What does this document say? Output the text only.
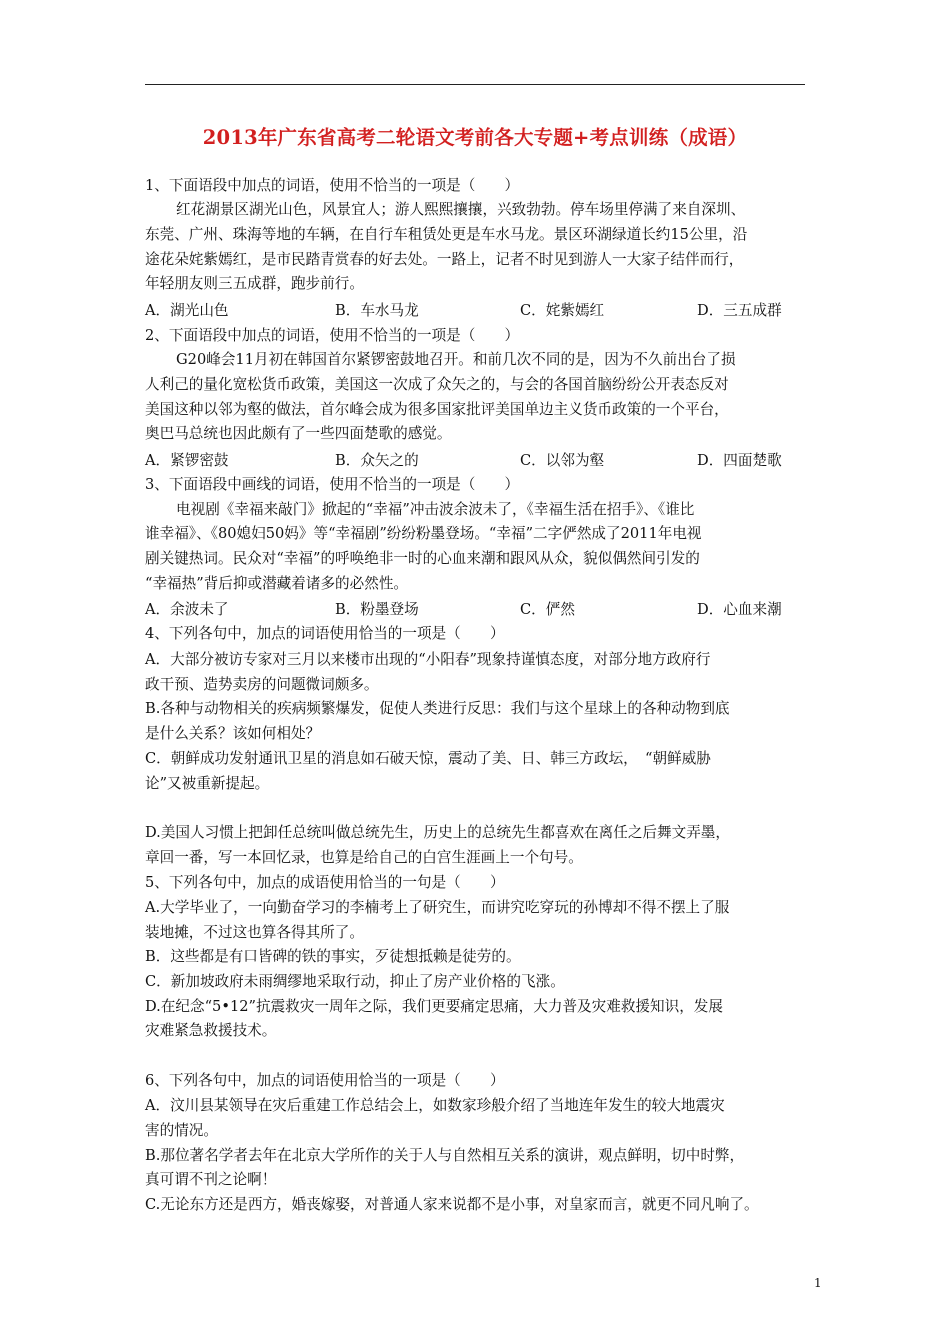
2013年广东省高考二轮语文考前各大专题+考点训练（成语）
1、下面语段中加点的词语，使用不恰当的一项是（　　）
红花湖景区湖光山色，风景宜人；游人熙熙攘攘，兴致勃勃。停车场里停满了来自深圳、
东莞、广州、珠海等地的车辆，在自行车租赁处更是车水马龙。景区环湖绿道长约15公里，沿
途花朵姹紫嫣红，是市民踏青赏春的好去处。一路上，记者不时见到游人一大家子结伴而行，
年轻朋友则三五成群，跑步前行。
A．湖光山色	B．车水马龙	C．姹紫嫣红	D．三五成群
2、下面语段中加点的词语，使用不恰当的一项是（　　）
G20峰会11月初在韩国首尔紧锣密鼓地召开。和前几次不同的是，因为不久前出台了损
人利己的量化宽松货币政策，美国这一次成了众矢之的，与会的各国首脑纷纷公开表态反对
美国这种以邻为壑的做法，首尔峰会成为很多国家批评美国单边主义货币政策的一个平台，
奥巴马总统也因此颇有了一些四面楚歌的感觉。
A．紧锣密鼓	B．众矢之的	C．以邻为壑	D．四面楚歌
3、下面语段中画线的词语，使用不恰当的一项是（　　）
电视剧《幸福来敲门》掀起的“幸福”冲击波余波未了，《幸福生活在招手》、《谁比
谁幸福》、《80媳妇50妈》等“幸福剧”纷纷粉墨登场。“幸福”二字俨然成了2011年电视
剧关键热词。民众对“幸福”的呼唤绝非一时的心血来潮和跟风从众，貌似偶然间引发的
“幸福热”背后抑或潜藏着诸多的必然性。
A．余波未了	B．粉墨登场	C．俨然	D．心血来潮
4、下列各句中，加点的词语使用恰当的一项是（　　）
A．大部分被访专家对三月以来楼市出现的“小阳春”现象持谨慎态度，对部分地方政府行
政干预、造势卖房的问题微词颇多。
B.各种与动物相关的疾病频繁爆发，促使人类进行反思：我们与这个星球上的各种动物到底
是什么关系？该如何相处？
C．朝鲜成功发射通讯卫星的消息如石破天惊，震动了美、日、韩三方政坛，　“朝鲜威胁
论”又被重新提起。
D.美国人习惯上把卸任总统叫做总统先生，历史上的总统先生都喜欢在离任之后舞文弄墨，
章回一番，写一本回忆录，也算是给自己的白宫生涯画上一个句号。
5、下列各句中，加点的成语使用恰当的一句是（　　）
A.大学毕业了，一向勤奋学习的李楠考上了研究生，而讲究吃穿玩的孙博却不得不摆上了服
装地摊，不过这也算各得其所了。
B．这些都是有口皆碑的铁的事实，歹徒想抵赖是徒劳的。
C．新加坡政府未雨绸缪地采取行动，抑止了房产业价格的飞涨。
D.在纪念“5•12”抗震救灾一周年之际，我们更要痛定思痛，大力普及灾难救援知识，发展
灾难紧急救援技术。
6、下列各句中，加点的词语使用恰当的一项是（　　）
A．汶川县某领导在灾后重建工作总结会上，如数家珍般介绍了当地连年发生的较大地震灾
害的情况。
B.那位著名学者去年在北京大学所作的关于人与自然相互关系的演讲，观点鲜明，切中时弊，
真可谓不刊之论啊！
C.无论东方还是西方，婚丧嫁娶，对普通人家来说都不是小事，对皇家而言，就更不同凡响了。
1
